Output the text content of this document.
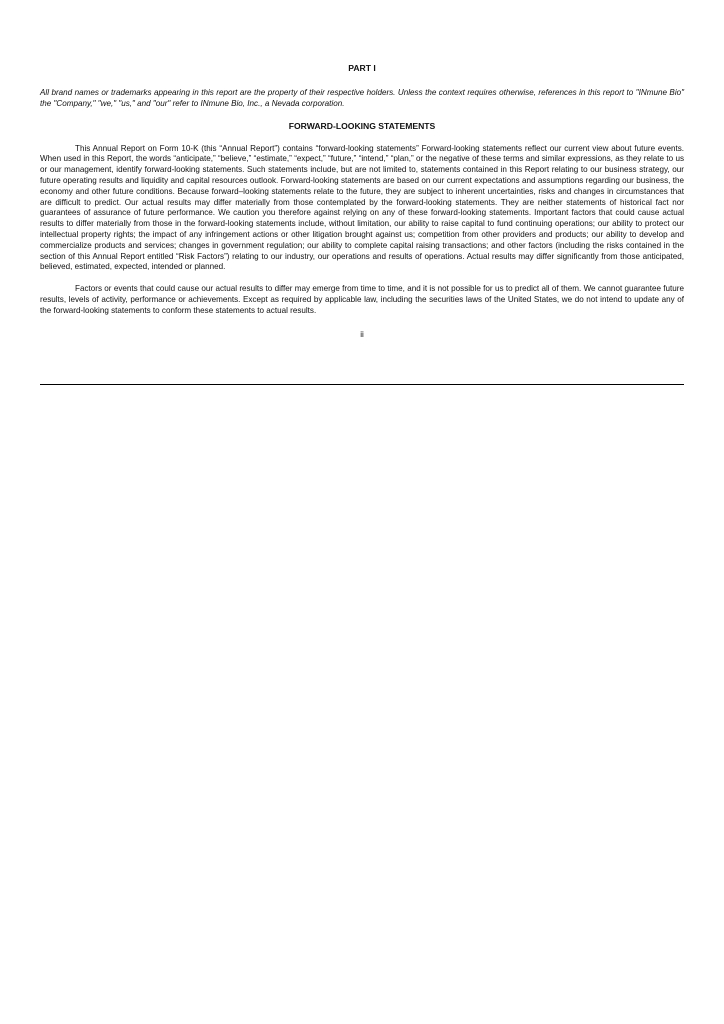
PART I

All brand names or trademarks appearing in this report are the property of their respective holders. Unless the context requires otherwise, references in this report to "INmune Bio" the "Company," "we," "us," and "our" refer to INmune Bio, Inc., a Nevada corporation.

FORWARD-LOOKING STATEMENTS

This Annual Report on Form 10-K (this “Annual Report”) contains “forward-looking statements” Forward-looking statements reflect our current view about future events. When used in this Report, the words “anticipate,” “believe,” “estimate,” “expect,” “future,” “intend,” “plan,” or the negative of these terms and similar expressions, as they relate to us or our management, identify forward-looking statements. Such statements include, but are not limited to, statements contained in this Report relating to our business strategy, our future operating results and liquidity and capital resources outlook. Forward-looking statements are based on our current expectations and assumptions regarding our business, the economy and other future conditions. Because forward–looking statements relate to the future, they are subject to inherent uncertainties, risks and changes in circumstances that are difficult to predict. Our actual results may differ materially from those contemplated by the forward-looking statements. They are neither statements of historical fact nor guarantees of assurance of future performance. We caution you therefore against relying on any of these forward-looking statements. Important factors that could cause actual results to differ materially from those in the forward-looking statements include, without limitation, our ability to raise capital to fund continuing operations; our ability to protect our intellectual property rights; the impact of any infringement actions or other litigation brought against us; competition from other providers and products; our ability to develop and commercialize products and services; changes in government regulation; our ability to complete capital raising transactions; and other factors (including the risks contained in the section of this Annual Report entitled “Risk Factors”) relating to our industry, our operations and results of operations. Actual results may differ significantly from those anticipated, believed, estimated, expected, intended or planned.

Factors or events that could cause our actual results to differ may emerge from time to time, and it is not possible for us to predict all of them. We cannot guarantee future results, levels of activity, performance or achievements. Except as required by applicable law, including the securities laws of the United States, we do not intend to update any of the forward-looking statements to conform these statements to actual results.

ii
